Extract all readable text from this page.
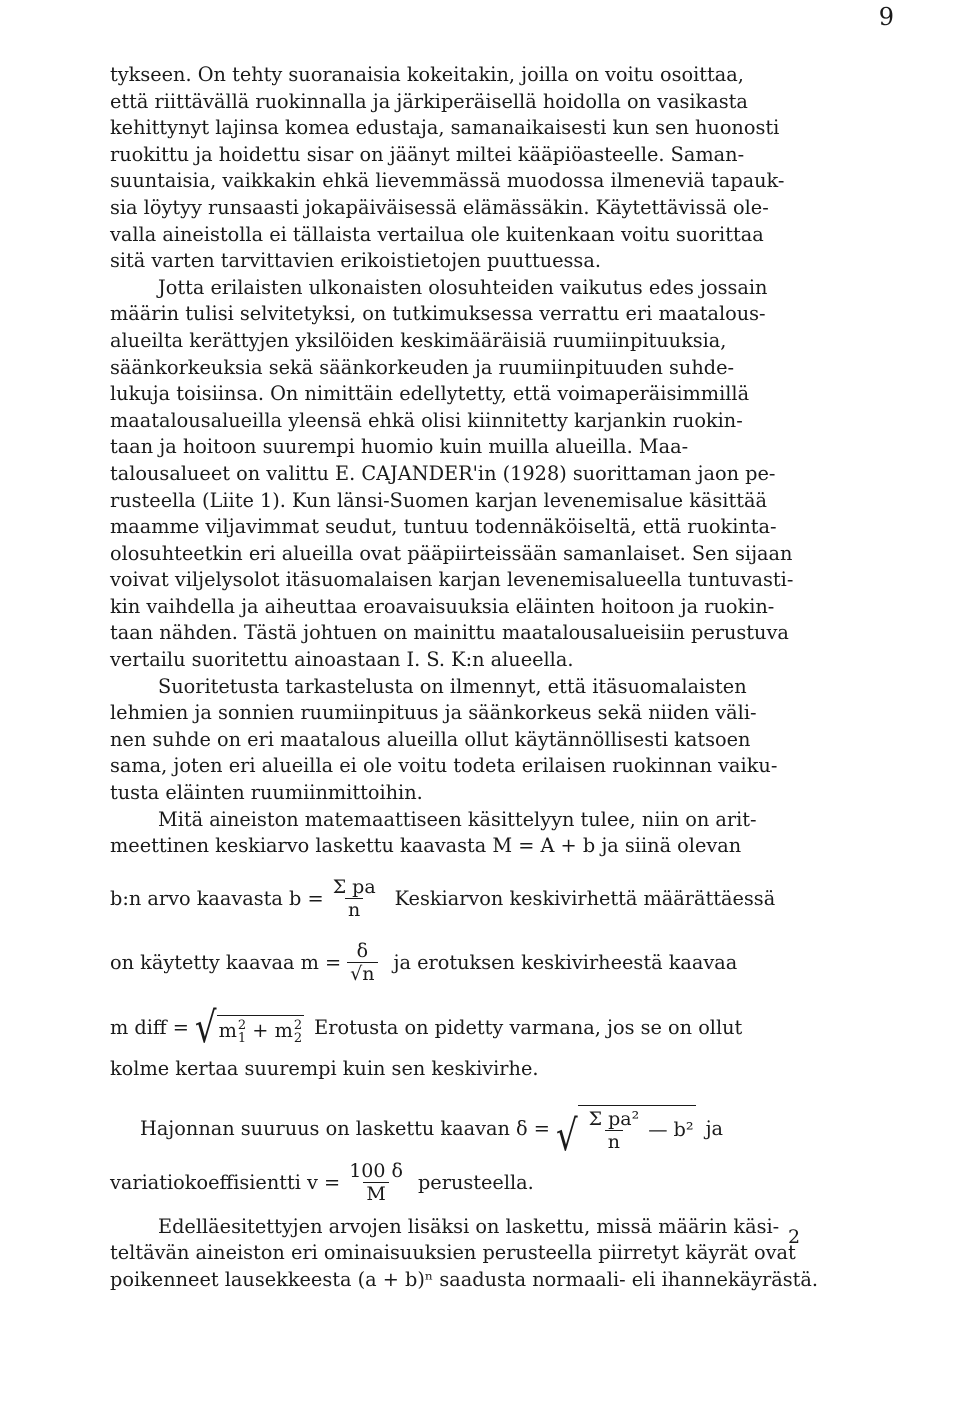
9
tykseen. On tehty suoranaisia kokeitakin, joilla on voitu osoittaa,
että riittävällä ruokinnalla ja järkiperäisellä hoidolla on vasikasta
kehittynyt lajinsa komea edustaja, samanaikaisesti kun sen huonosti
ruokittu ja hoidettu sisar on jäänyt miltei kääpiöasteelle. Saman-
suuntaisia, vaikkakin ehkä lievemmässä muodossa ilmeneviä tapauk-
sia löytyy runsaasti jokapäiväisessä elämässäkin. Käytettävissä ole-
valla aineistolla ei tällaista vertailua ole kuitenkaan voitu suorittaa
sitä varten tarvittavien erikoistietojen puuttuessa.
Jotta erilaisten ulkonaisten olosuhteiden vaikutus edes jossain
määrin tulisi selvitetyksi, on tutkimuksessa verrattu eri maatalous-
alueilta kerättyjen yksilöiden keskimääräisiä ruumiinpituuksia,
säänkorkeuksia sekä säänkorkeuden ja ruumiinpituuden suhde-
lukuja toisiinsa. On nimittäin edellytetty, että voimaperäisimmillä
maatalousalueilla yleensä ehkä olisi kiinnitetty karjankin ruokin-
taan ja hoitoon suurempi huomio kuin muilla alueilla. Maa-
talousalueet on valittu E. CAJANDER'in (1928) suorittaman jaon pe-
rusteella (Liite 1). Kun länsi-Suomen karjan levenemisalue käsittää
maamme viljavimmat seudut, tuntuu todennäköiseltä, että ruokinta-
olosuhteetkin eri alueilla ovat pääpiirteissään samanlaiset. Sen sijaan
voivat viljelysolot itäsuomalaisen karjan levenemisalueella tuntuvasti-
kin vaihdella ja aiheuttaa eroavaisuuksia eläinten hoitoon ja ruokin-
taan nähden. Tästä johtuen on mainittu maatalousalueisiin perustuva
vertailu suoritettu ainoastaan I. S. K:n alueella.
Suoritetusta tarkastelusta on ilmennyt, että itäsuomalaisten
lehmien ja sonnien ruumiinpituus ja säänkorkeus sekä niiden väli-
nen suhde on eri maatalous alueilla ollut käytännöllisesti katsoen
sama, joten eri alueilla ei ole voitu todeta erilaisen ruokinnan vaiku-
tusta eläinten ruumiinmittoihin.
Mitä aineiston matemaattiseen käsittelyyn tulee, niin on arit-
meettinen keskiarvo laskettu kaavasta M = A + b ja siinä olevan
b:n arvo kaavasta $b = \frac{\text{Σ pa}}{n}$ Keskiarvon keskivirhettä määrättäessä
on käytetty kaavaa $m = \frac{\delta}{√n}$ ja erotuksen keskivirheestä kaavaa
m diff = √ m 2
1 + m 2
2 Erotusta on pidetty varmana, jos se on ollut
kolme kertaa suurempi kuin sen keskivirhe.
Hajonnan suuruus on laskettu kaavan δ = √ $\frac{\text{Σ pa²}}{n}$ — b² ja
variatiokoeffisientti $v = \frac{100 \delta}{M}$ perusteella.
Edelläesitettyjen arvojen lisäksi on laskettu, missä määrin käsi-
teltävän aineiston eri ominaisuuksien perusteella piirretyt käyrät ovat
poikenneet lausekkeesta (a + b)ⁿ saadusta normaali- eli ihannekäyrästä.
2
